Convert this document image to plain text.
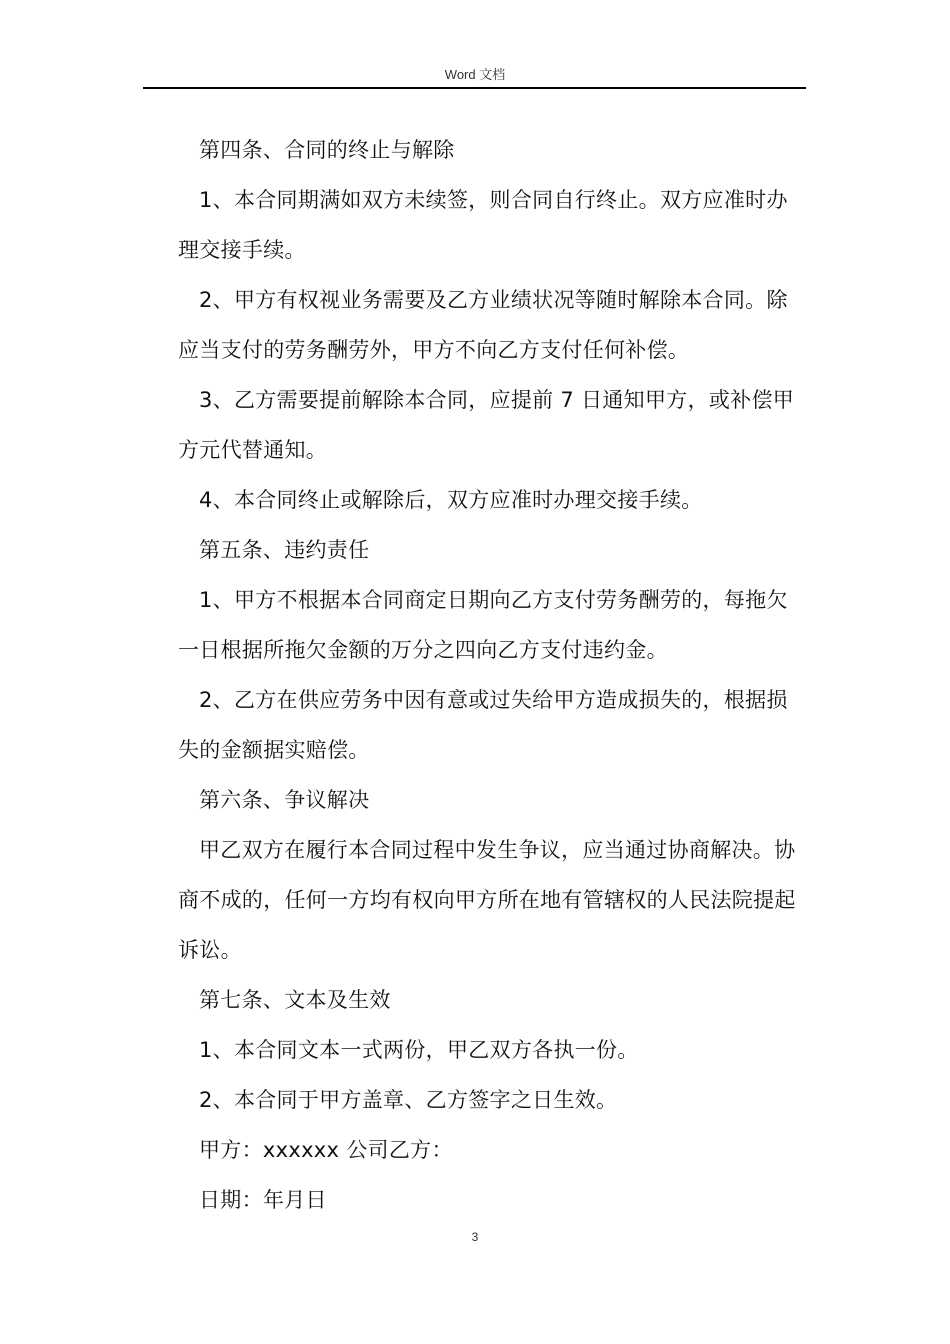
Word 文档

第四条、合同的终止与解除

1、本合同期满如双方未续签，则合同自行终止。双方应准时办理交接手续。

2、甲方有权视业务需要及乙方业绩状况等随时解除本合同。除应当支付的劳务酬劳外，甲方不向乙方支付任何补偿。

3、乙方需要提前解除本合同，应提前 7 日通知甲方，或补偿甲方元代替通知。

4、本合同终止或解除后，双方应准时办理交接手续。

第五条、违约责任

1、甲方不根据本合同商定日期向乙方支付劳务酬劳的，每拖欠一日根据所拖欠金额的万分之四向乙方支付违约金。

2、乙方在供应劳务中因有意或过失给甲方造成损失的，根据损失的金额据实赔偿。

第六条、争议解决

甲乙双方在履行本合同过程中发生争议，应当通过协商解决。协商不成的，任何一方均有权向甲方所在地有管辖权的人民法院提起诉讼。

第七条、文本及生效

1、本合同文本一式两份，甲乙双方各执一份。

2、本合同于甲方盖章、乙方签字之日生效。

甲方：xxxxxx 公司乙方：

日期：年月日

3
